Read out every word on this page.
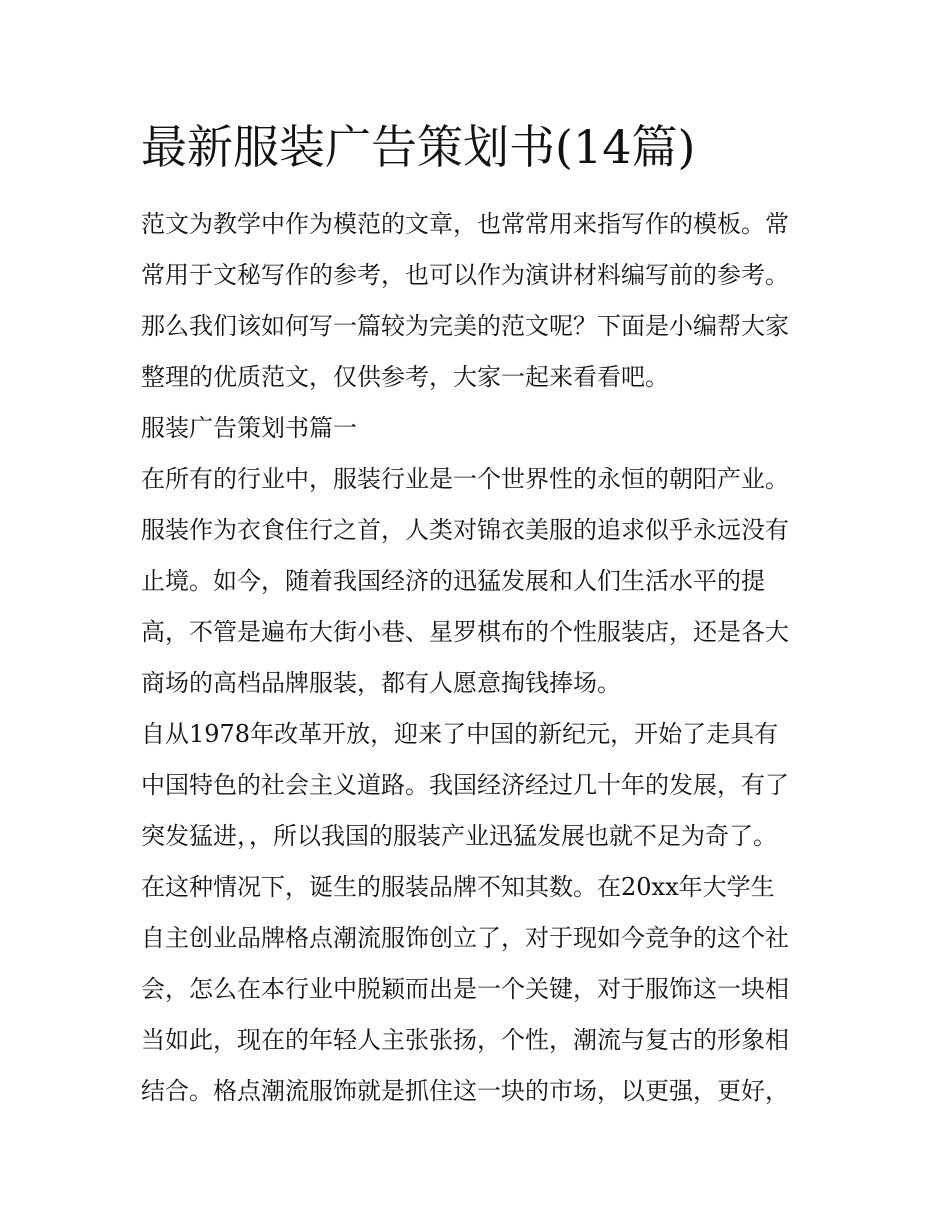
最新服装广告策划书(14篇)
范文为教学中作为模范的文章，也常常用来指写作的模板。常
常用于文秘写作的参考，也可以作为演讲材料编写前的参考。
那么我们该如何写一篇较为完美的范文呢？下面是小编帮大家
整理的优质范文，仅供参考，大家一起来看看吧。
服装广告策划书篇一
在所有的行业中，服装行业是一个世界性的永恒的朝阳产业。
服装作为衣食住行之首，人类对锦衣美服的追求似乎永远没有
止境。如今，随着我国经济的迅猛发展和人们生活水平的提
高，不管是遍布大街小巷、星罗棋布的个性服装店，还是各大
商场的高档品牌服装，都有人愿意掏钱捧场。
自从1978年改革开放，迎来了中国的新纪元，开始了走具有
中国特色的社会主义道路。我国经济经过几十年的发展，有了
突发猛进，，所以我国的服装产业迅猛发展也就不足为奇了。
在这种情况下，诞生的服装品牌不知其数。在20xx年大学生
自主创业品牌格点潮流服饰创立了，对于现如今竞争的这个社
会，怎么在本行业中脱颖而出是一个关键，对于服饰这一块相
当如此，现在的年轻人主张张扬，个性，潮流与复古的形象相
结合。格点潮流服饰就是抓住这一块的市场，以更强，更好，
